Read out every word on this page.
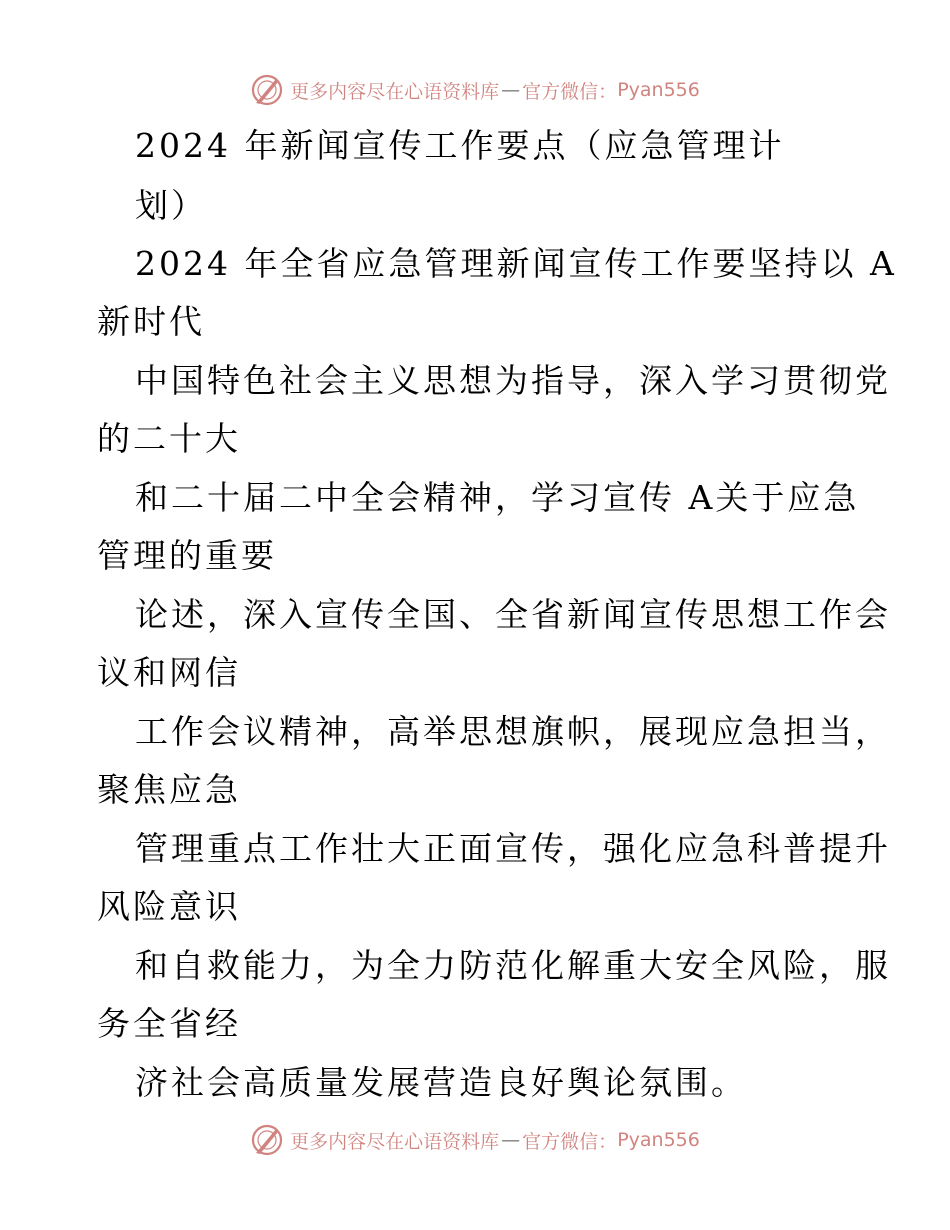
更多内容尽在心语资料库 — 官方微信： Pyan556
2024 年新闻宣传工作要点（应急管理计
划）
2024 年全省应急管理新闻宣传工作要坚持以 A
新时代
中国特色社会主义思想为指导，深入学习贯彻党
的二十大
和二十届二中全会精神，学习宣传 A关于应急
管理的重要
论述，深入宣传全国、全省新闻宣传思想工作会
议和网信
工作会议精神，高举思想旗帜，展现应急担当，
聚焦应急
管理重点工作壮大正面宣传，强化应急科普提升
风险意识
和自救能力，为全力防范化解重大安全风险，服
务全省经
济社会高质量发展营造良好舆论氛围。
更多内容尽在心语资料库 — 官方微信： Pyan556
